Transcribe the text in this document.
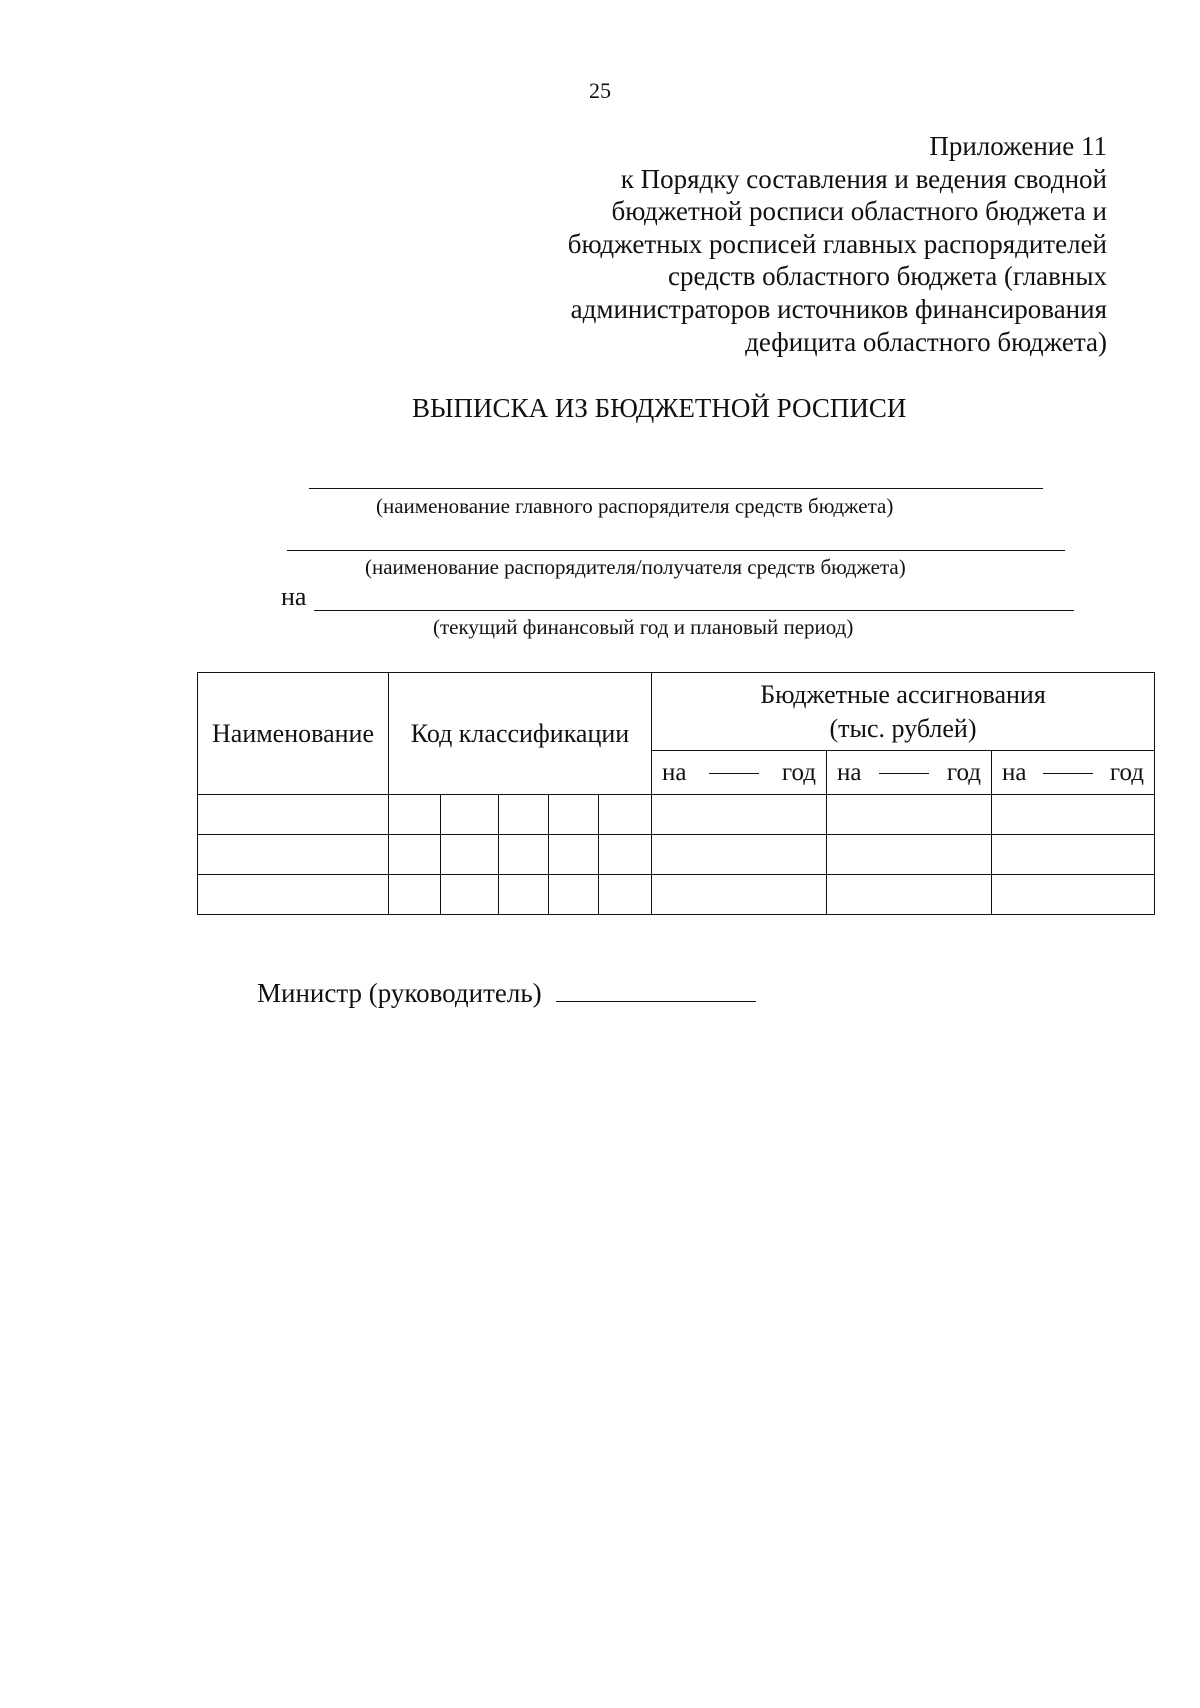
25
Приложение 11
к Порядку составления и ведения сводной
бюджетной росписи областного бюджета и
бюджетных росписей главных распорядителей
средств областного бюджета (главных
администраторов источников финансирования
дефицита областного бюджета)
ВЫПИСКА ИЗ БЮДЖЕТНОЙ РОСПИСИ
(наименование главного распорядителя средств бюджета)
(наименование распорядителя/получателя средств бюджета)
на
(текущий финансовый год и плановый период)
Наименование	Код классификации					Бюджетные ассигнования
(тыс. рублей)		

						на год	на год	на год

Министр (руководитель)
